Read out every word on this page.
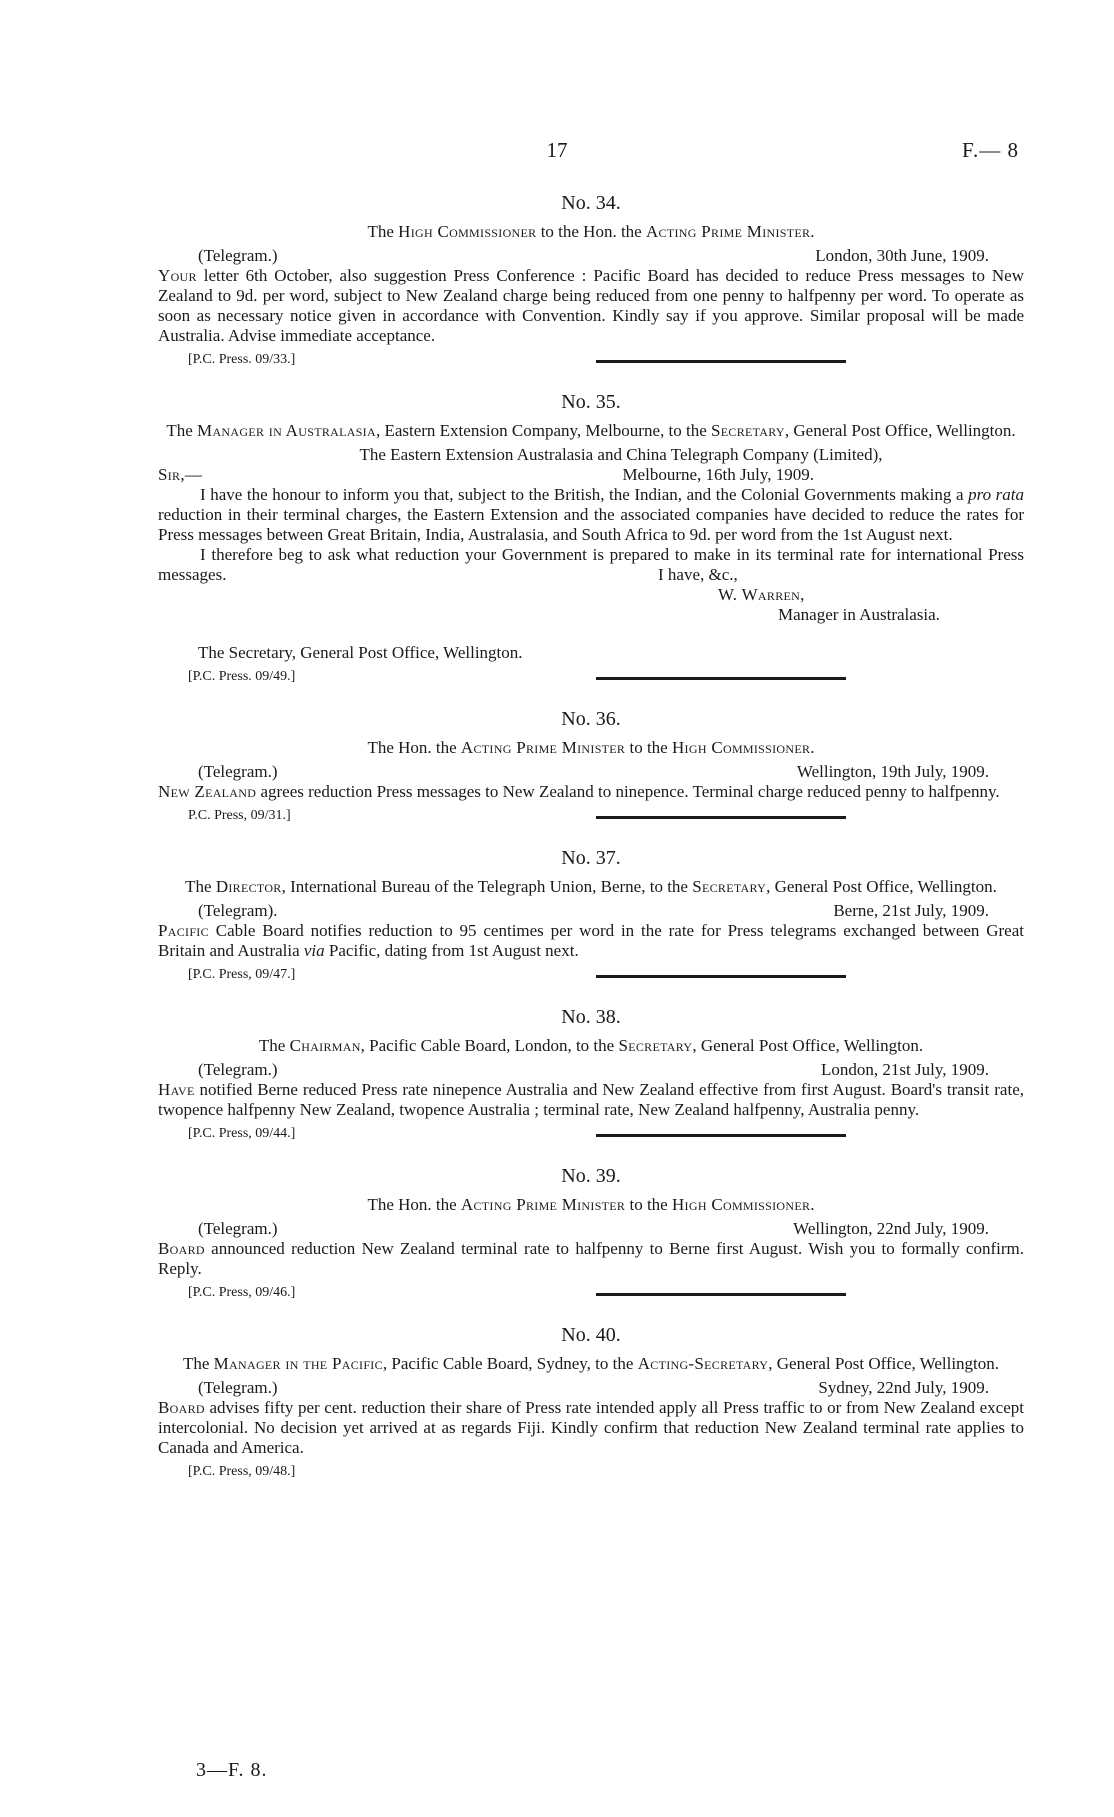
17	F.— 8
No. 34.
The High Commissioner to the Hon. the Acting Prime Minister.
(Telegram.)	London, 30th June, 1909.
Your letter 6th October, also suggestion Press Conference : Pacific Board has decided to reduce Press messages to New Zealand to 9d. per word, subject to New Zealand charge being reduced from one penny to halfpenny per word. To operate as soon as necessary notice given in accordance with Convention. Kindly say if you approve. Similar proposal will be made Australia. Advise immediate acceptance.
[P.C. Press. 09/33.]
No. 35.
The Manager in Australasia, Eastern Extension Company, Melbourne, to the Secretary, General Post Office, Wellington.
The Eastern Extension Australasia and China Telegraph Company (Limited),
Sir,—	Melbourne, 16th July, 1909.
I have the honour to inform you that, subject to the British, the Indian, and the Colonial Governments making a pro rata reduction in their terminal charges, the Eastern Extension and the associated companies have decided to reduce the rates for Press messages between Great Britain, India, Australasia, and South Africa to 9d. per word from the 1st August next.
I therefore beg to ask what reduction your Government is prepared to make in its terminal rate for international Press messages.	I have, &c.,
W. Warren,
Manager in Australasia.
The Secretary, General Post Office, Wellington.
[P.C. Press. 09/49.]
No. 36.
The Hon. the Acting Prime Minister to the High Commissioner.
(Telegram.)	Wellington, 19th July, 1909.
New Zealand agrees reduction Press messages to New Zealand to ninepence. Terminal charge reduced penny to halfpenny.
P.C. Press, 09/31.]
No. 37.
The Director, International Bureau of the Telegraph Union, Berne, to the Secretary, General Post Office, Wellington.
(Telegram).	Berne, 21st July, 1909.
Pacific Cable Board notifies reduction to 95 centimes per word in the rate for Press telegrams exchanged between Great Britain and Australia via Pacific, dating from 1st August next.
[P.C. Press, 09/47.]
No. 38.
The Chairman, Pacific Cable Board, London, to the Secretary, General Post Office, Wellington.
(Telegram.)	London, 21st July, 1909.
Have notified Berne reduced Press rate ninepence Australia and New Zealand effective from first August. Board's transit rate, twopence halfpenny New Zealand, twopence Australia ; terminal rate, New Zealand halfpenny, Australia penny.
[P.C. Press, 09/44.]
No. 39.
The Hon. the Acting Prime Minister to the High Commissioner.
(Telegram.)	Wellington, 22nd July, 1909.
Board announced reduction New Zealand terminal rate to halfpenny to Berne first August. Wish you to formally confirm. Reply.
[P.C. Press, 09/46.]
No. 40.
The Manager in the Pacific, Pacific Cable Board, Sydney, to the Acting-Secretary, General Post Office, Wellington.
(Telegram.)	Sydney, 22nd July, 1909.
Board advises fifty per cent. reduction their share of Press rate intended apply all Press traffic to or from New Zealand except intercolonial. No decision yet arrived at as regards Fiji. Kindly confirm that reduction New Zealand terminal rate applies to Canada and America.
[P.C. Press, 09/48.]
3—F. 8.
